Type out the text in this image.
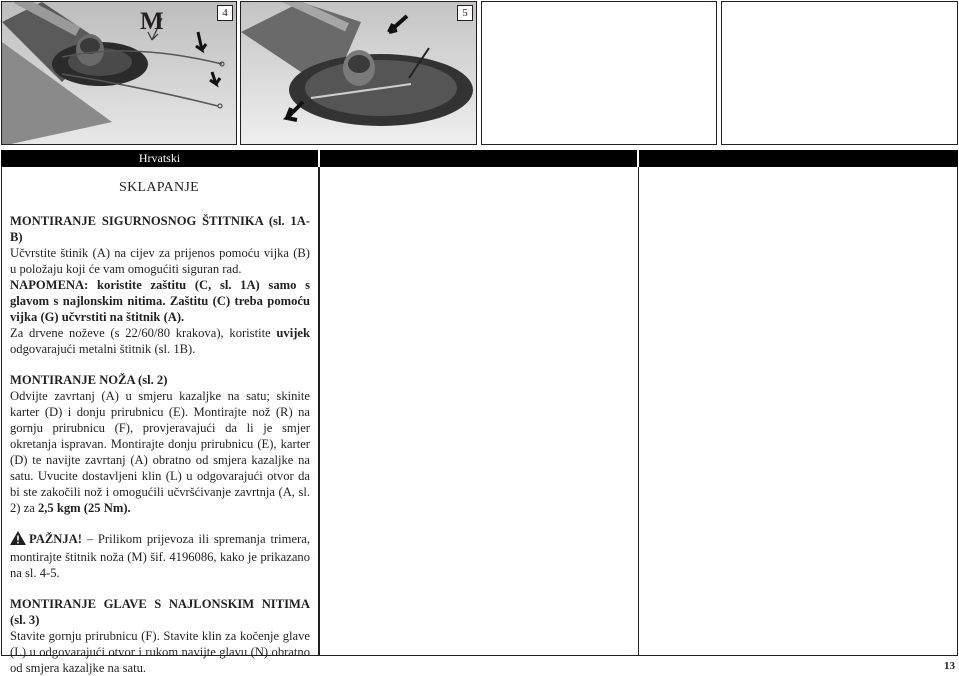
M	4	5
Hrvatski
SKLAPANJE

MONTIRANJE SIGURNOSNOG ŠTITNIKA (sl. 1A-B)

Učvrstite štinik (A) na cijev za prijenos pomoću vijka (B) u položaju koji će vam omogućiti siguran rad.

NAPOMENA: koristite zaštitu (C, sl. 1A) samo s glavom s najlonskim nitima. Zaštitu (C) treba pomoću vijka (G) učvrstiti na štitnik (A).

Za drvene noževe (s 22/60/80 krakova), koristite uvijek odgovarajući metalni štitnik (sl. 1B).

MONTIRANJE NOŽA (sl. 2)

Odvijte zavrtanj (A) u smjeru kazaljke na satu; skinite karter (D) i donju prirubnicu (E). Montirajte nož (R) na gornju prirubnicu (F), provjeravajući da li je smjer okretanja ispravan. Montirajte donju prirubnicu (E), karter (D) te navijte zavrtanj (A) obratno od smjera kazaljke na satu. Uvucite dostavljeni klin (L) u odgovarajući otvor da bi ste zakočili nož i omogućili učvršćivanje zavrtnja (A, sl. 2) za 2,5 kgm (25 Nm).

PAŽNJA! – Prilikom prijevoza ili spremanja trimera, montirajte štitnik noža (M) šif. 4196086, kako je prikazano na sl. 4-5.

MONTIRANJE GLAVE S NAJLONSKIM NITIMA (sl. 3)

Stavite gornju prirubnicu (F). Stavite klin za kočenje glave (L) u odgovarajući otvor i rukom navijte glavu (N) obratno od smjera kazaljke na satu.	13
